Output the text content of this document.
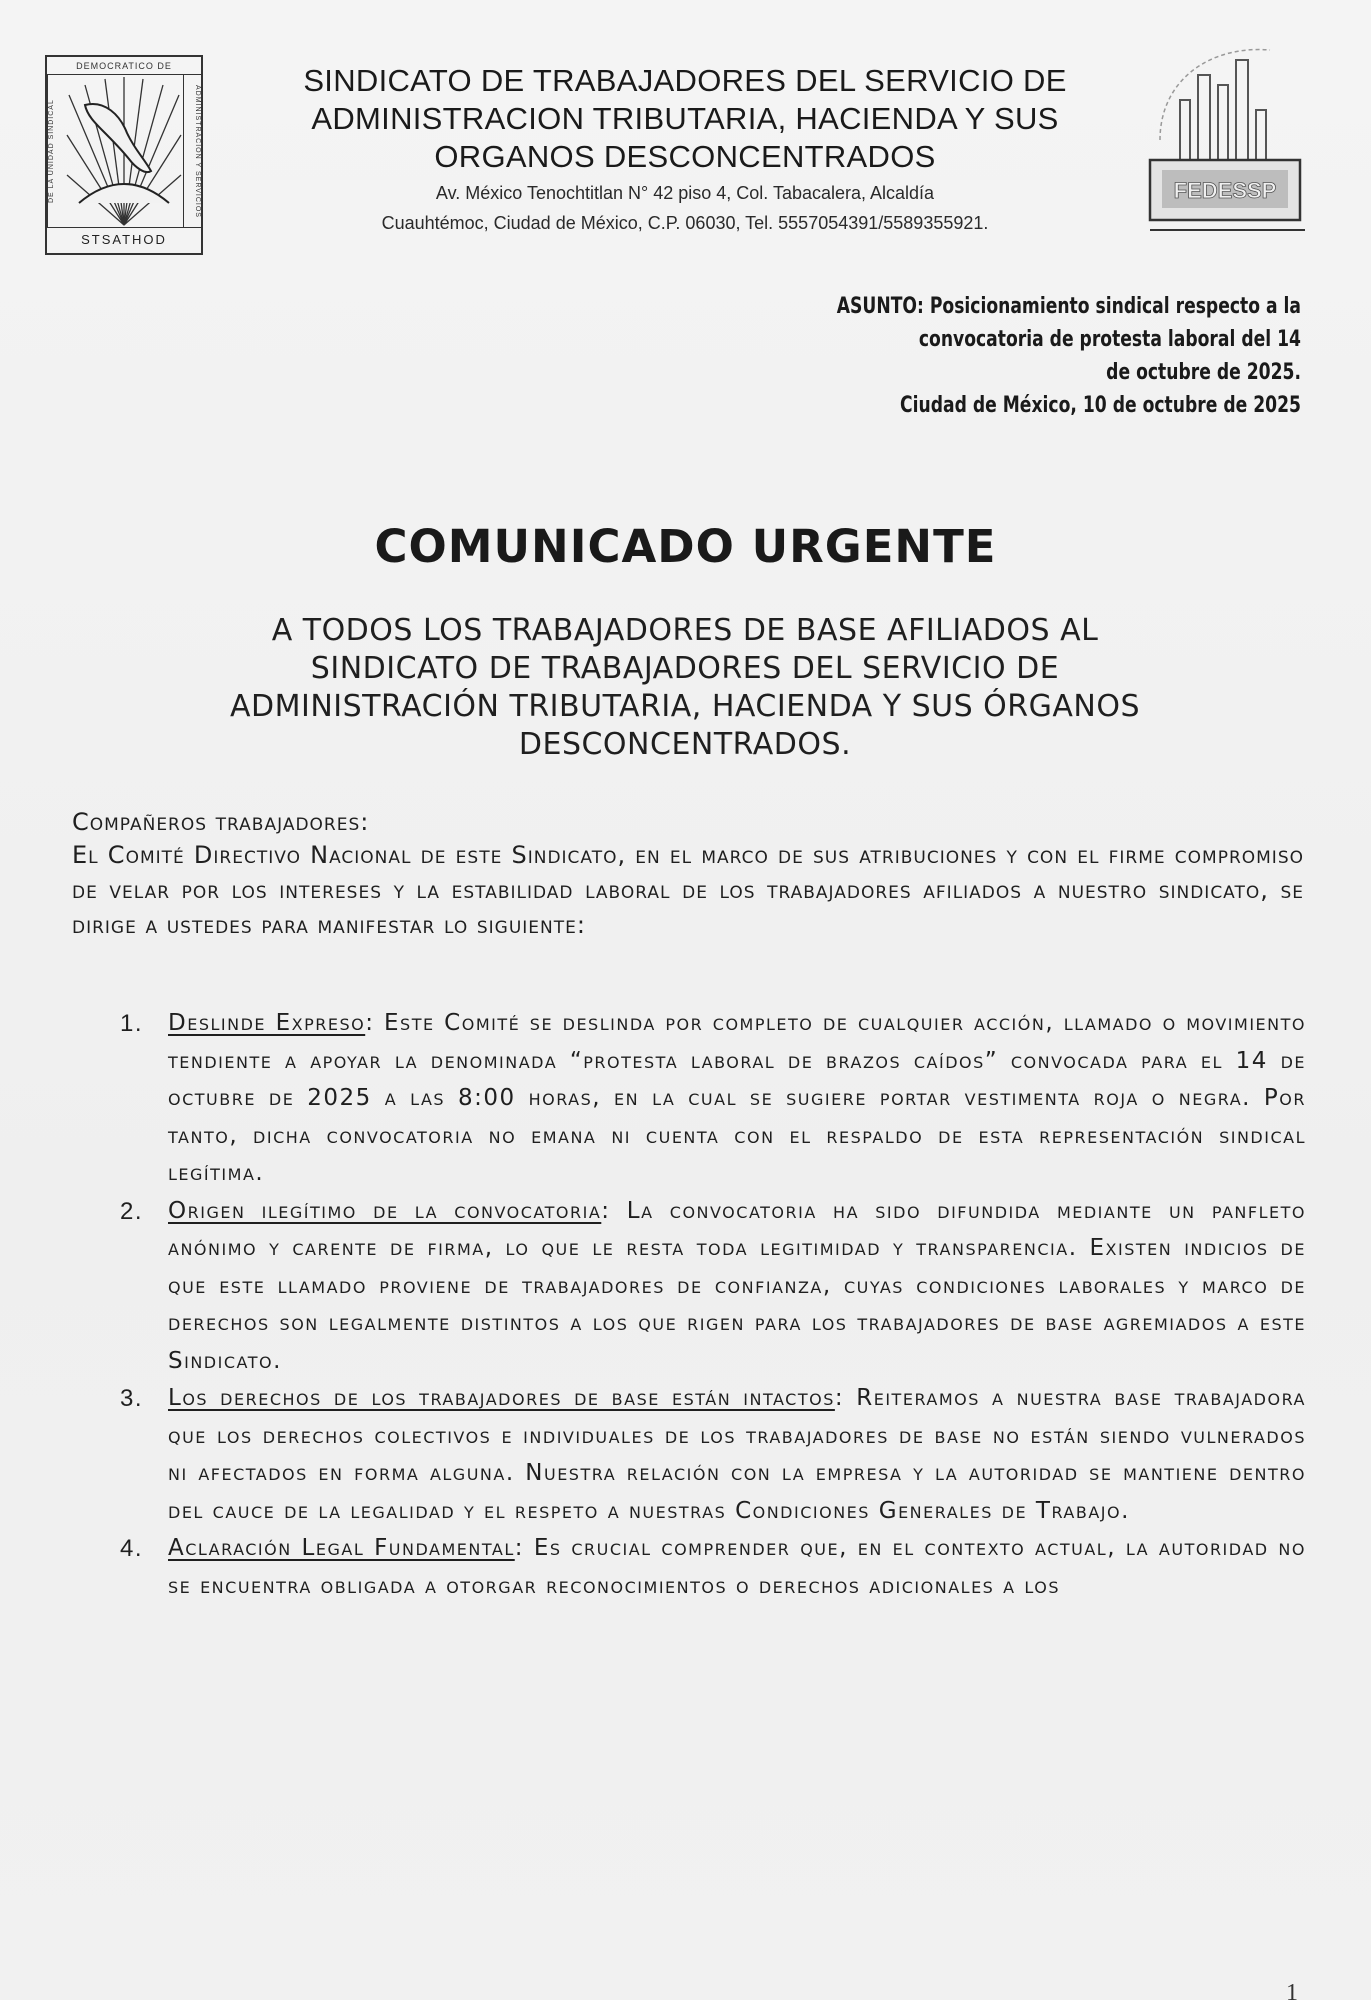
DEMOCRATICO DE
DE LA UNIDAD SINDICAL	ADMINISTRACION Y SERVICIOS
STSATHOD
SINDICATO DE TRABAJADORES DEL SERVICIO DE
ADMINISTRACION TRIBUTARIA, HACIENDA Y SUS
ORGANOS DESCONCENTRADOS
Av. México Tenochtitlan N° 42 piso 4, Col. Tabacalera, Alcaldía
Cuauhtémoc, Ciudad de México, C.P. 06030, Tel. 5557054391/5589355921.
FEDESSP
ASUNTO: Posicionamiento sindical respecto a la
convocatoria de protesta laboral del 14
de octubre de 2025.
Ciudad de México, 10 de octubre de 2025
COMUNICADO URGENTE
A TODOS LOS TRABAJADORES DE BASE AFILIADOS AL
SINDICATO DE TRABAJADORES DEL SERVICIO DE
ADMINISTRACIÓN TRIBUTARIA, HACIENDA Y SUS ÓRGANOS
DESCONCENTRADOS.
Compañeros trabajadores:
El Comité Directivo Nacional de este Sindicato, en el marco de sus atribuciones y con el firme compromiso de velar por los intereses y la estabilidad laboral de los trabajadores afiliados a nuestro sindicato, se dirige a ustedes para manifestar lo siguiente:
1. Deslinde Expreso: Este Comité se deslinda por completo de cualquier acción, llamado o movimiento tendiente a apoyar la denominada “protesta laboral de brazos caídos” convocada para el 14 de octubre de 2025 a las 8:00 horas, en la cual se sugiere portar vestimenta roja o negra. Por tanto, dicha convocatoria no emana ni cuenta con el respaldo de esta representación sindical legítima.
2. Origen ilegítimo de la convocatoria: La convocatoria ha sido difundida mediante un panfleto anónimo y carente de firma, lo que le resta toda legitimidad y transparencia. Existen indicios de que este llamado proviene de trabajadores de confianza, cuyas condiciones laborales y marco de derechos son legalmente distintos a los que rigen para los trabajadores de base agremiados a este Sindicato.
3. Los derechos de los trabajadores de base están intactos: Reiteramos a nuestra base trabajadora que los derechos colectivos e individuales de los trabajadores de base no están siendo vulnerados ni afectados en forma alguna. Nuestra relación con la empresa y la autoridad se mantiene dentro del cauce de la legalidad y el respeto a nuestras Condiciones Generales de Trabajo.
4. Aclaración Legal Fundamental: Es crucial comprender que, en el contexto actual, la autoridad no se encuentra obligada a otorgar reconocimientos o derechos adicionales a los
1
